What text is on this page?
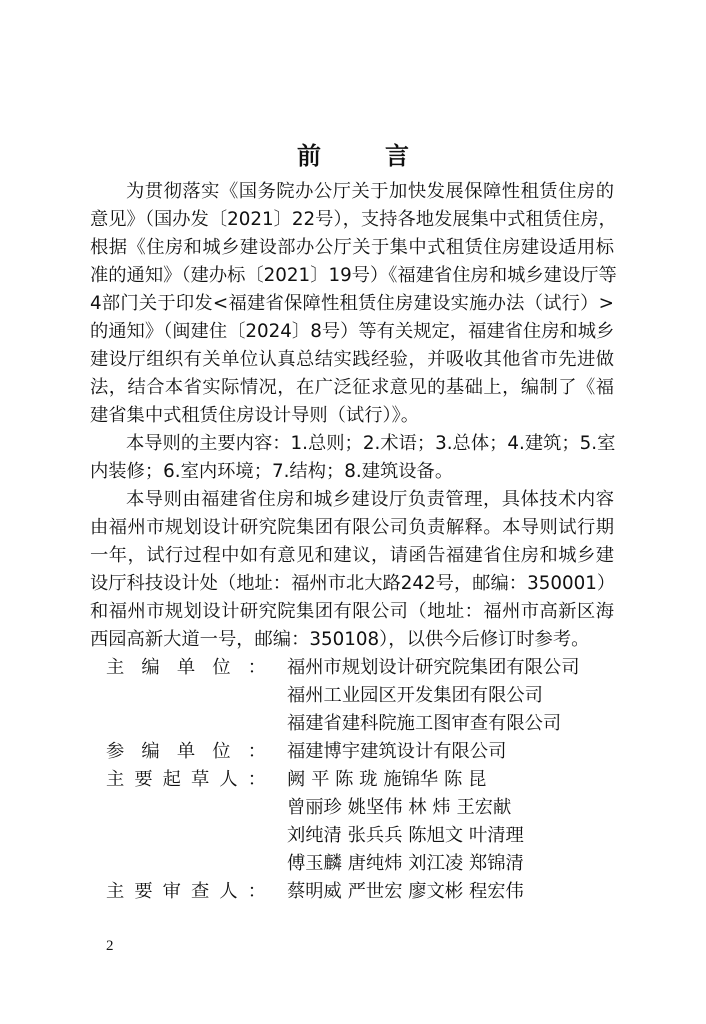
前　言
为贯彻落实《国务院办公厅关于加快发展保障性租赁住房的
意见》（国办发〔2021〕22号），支持各地发展集中式租赁住房，
根据《住房和城乡建设部办公厅关于集中式租赁住房建设适用标
准的通知》（建办标〔2021〕19号）《福建省住房和城乡建设厅等
4部门关于印发<福建省保障性租赁住房建设实施办法（试行）>
的通知》（闽建住〔2024〕8号）等有关规定，福建省住房和城乡
建设厅组织有关单位认真总结实践经验，并吸收其他省市先进做
法，结合本省实际情况，在广泛征求意见的基础上，编制了《福
建省集中式租赁住房设计导则（试行）》。
本导则的主要内容：1.总则；2.术语；3.总体；4.建筑；5.室
内装修；6.室内环境；7.结构；8.建筑设备。
本导则由福建省住房和城乡建设厅负责管理，具体技术内容
由福州市规划设计研究院集团有限公司负责解释。本导则试行期
一年，试行过程中如有意见和建议，请函告福建省住房和城乡建
设厅科技设计处（地址：福州市北大路242号，邮编：350001）
和福州市规划设计研究院集团有限公司（地址：福州市高新区海
西园高新大道一号，邮编：350108），以供今后修订时参考。
主编单位： 福州市规划设计研究院集团有限公司
福州工业园区开发集团有限公司
福建省建科院施工图审查有限公司
参编单位： 福建博宇建筑设计有限公司
主要起草人： 阙 平 陈 珑 施锦华 陈 昆
曾丽珍 姚坚伟 林 炜 王宏献
刘纯清 张兵兵 陈旭文 叶清理
傅玉麟 唐纯炜 刘江凌 郑锦清
主要审查人： 蔡明威 严世宏 廖文彬 程宏伟
2
